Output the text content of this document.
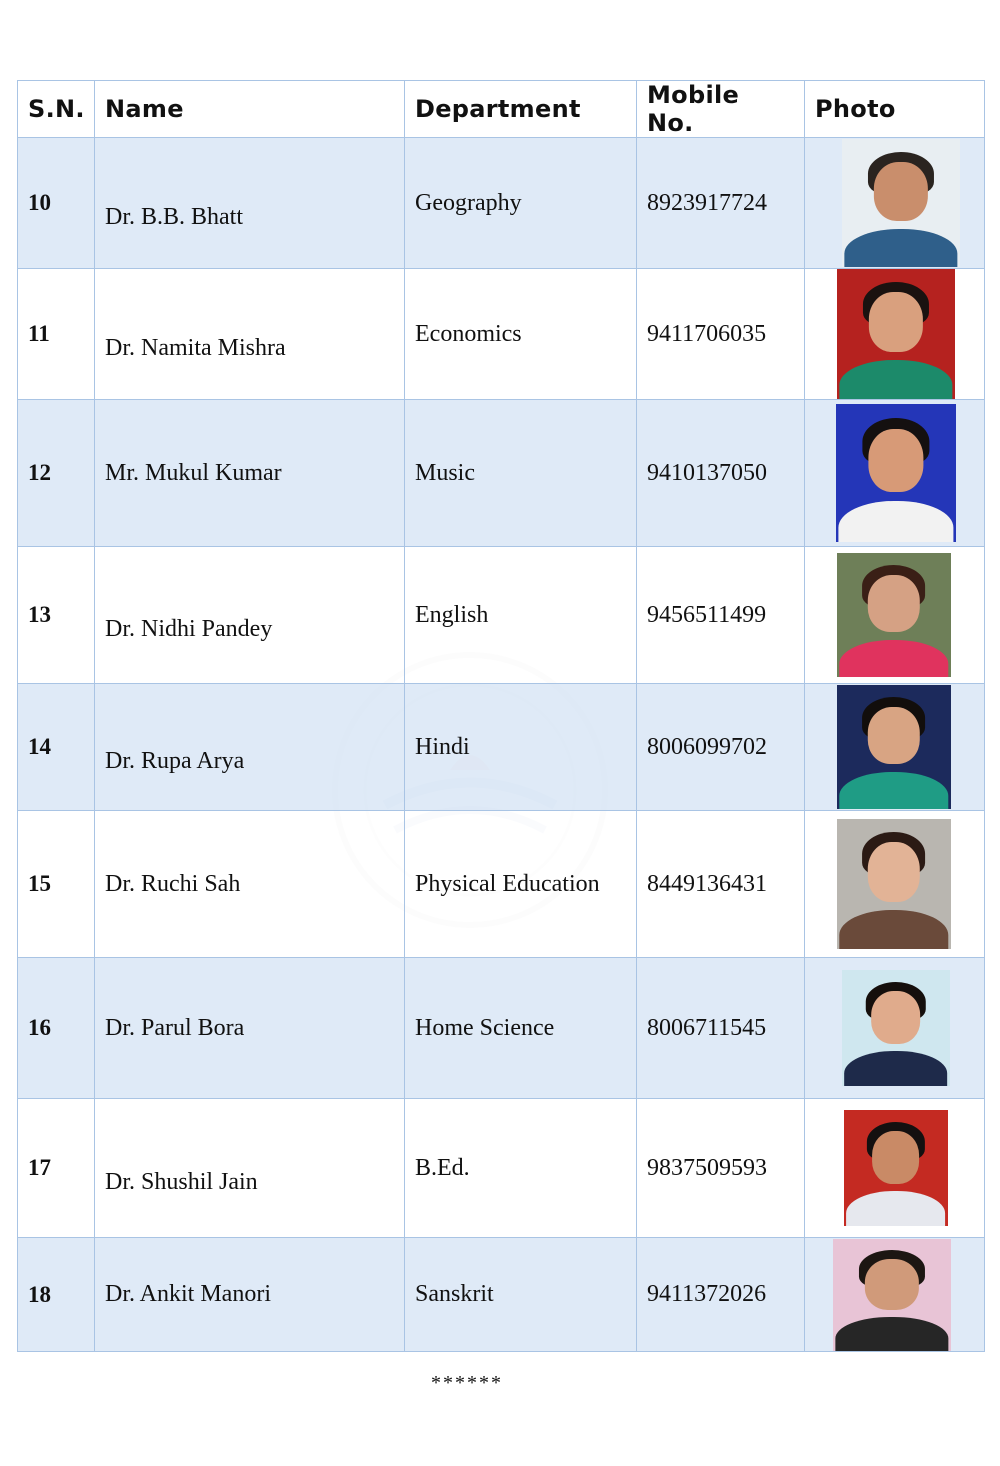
S.N.	Name	Department	Mobile No.	Photo
10	Dr. B.B. Bhatt	Geography	8923917724	

11	Dr. Namita Mishra	Economics	9411706035	

12	Mr. Mukul Kumar	Music	9410137050	

13	Dr. Nidhi Pandey	English	9456511499	

14	Dr. Rupa Arya	Hindi	8006099702	

15	Dr. Ruchi Sah	Physical Education	8449136431	

16	Dr. Parul Bora	Home Science	8006711545	

17	Dr. Shushil Jain	B.Ed.	9837509593	

18	Dr. Ankit Manori	Sanskrit	9411372026	
******
